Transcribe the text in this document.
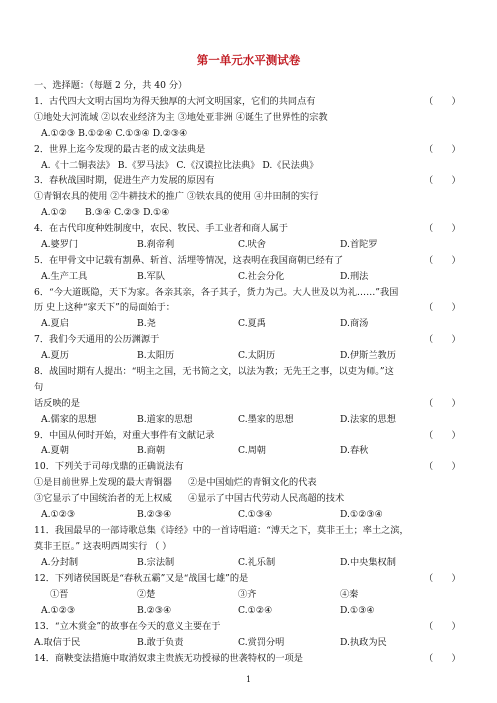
第一单元水平测试卷
一、选择题：（每题 2 分，共 40 分）
1．古代四大文明古国均为得天独厚的大河文明国家，它们的共同点有	（　　）
①地处大河流域 ②以农业经济为主 ③地处亚非洲 ④诞生了世界性的宗教
A.①②③ B.①②④ C.①③④ D.②③④
2．世界上迄今发现的最古老的成文法典是	（　　）
A.《十二铜表法》 B.《罗马法》 C.《汉谟拉比法典》 D.《民法典》
3．春秋战国时期，促进生产力发展的原因有	（　　）
①青铜农具的使用 ②牛耕技术的推广 ③铁农具的使用 ④井田制的实行
A.①② B.③④ C.②③ D.①④
4．在古代印度种姓制度中，农民、牧民、手工业者和商人属于	（　　）
A.婆罗门	B.刹帝利	C.吠舍	D.首陀罗
5．在甲骨文中记载有割鼻、斩首、活埋等情况，这表明在我国商朝已经有了	（　　）
A.生产工具	B.军队	C.社会分化	D.刑法
6．“今大道既隐，天下为家。各亲其亲，各子其子，货力为己。大人世及以为礼……”我国
历 史上这种“家天下”的局面始于：	（　　）
A.夏启	B.尧	C.夏禹	D.商汤
7．我们今天通用的公历渊源于	（　　）
A.夏历	B.太阳历	C.太阴历	D.伊斯兰教历
8．战国时期有人提出：“明主之国，无书简之文，以法为教；无先王之事，以吏为师。”这
句
话反映的是	（　　）
A.儒家的思想	B.道家的思想	C.墨家的思想	D.法家的思想
9．中国从何时开始，对重大事件有文献记录	（　　）
A.夏朝	B.商朝	C.周朝	D.春秋
10．下列关于司母戊鼎的正确说法有	（　　）
①是目前世界上发现的最大青铜器 ②是中国灿烂的青铜文化的代表
③它显示了中国统治者的无上权威 ④显示了中国古代劳动人民高超的技术
A.①②③	B.②③④	C.①③④	D.①②③④
11．我国最早的一部诗歌总集《诗经》中的一首诗唱道：“溥天之下，莫非王土；率土之滨，
莫非王臣。” 这表明西周实行 （ ）
A.分封制	B.宗法制	C.礼乐制	D.中央集权制
12．下列诸侯国既是“春秋五霸”又是“战国七雄”的是	（　　）
①晋	②楚	③齐	④秦
A.①②③	B.②③④	C.①②④	D.①③④
13．“立木赏金”的故事在今天的意义主要在于	（　　）
A.取信于民	B.敢于负责	C.赏罚分明	D.执政为民
14．商鞅变法措施中取消奴隶主贵族无功授禄的世袭特权的一项是	（　　）
1
